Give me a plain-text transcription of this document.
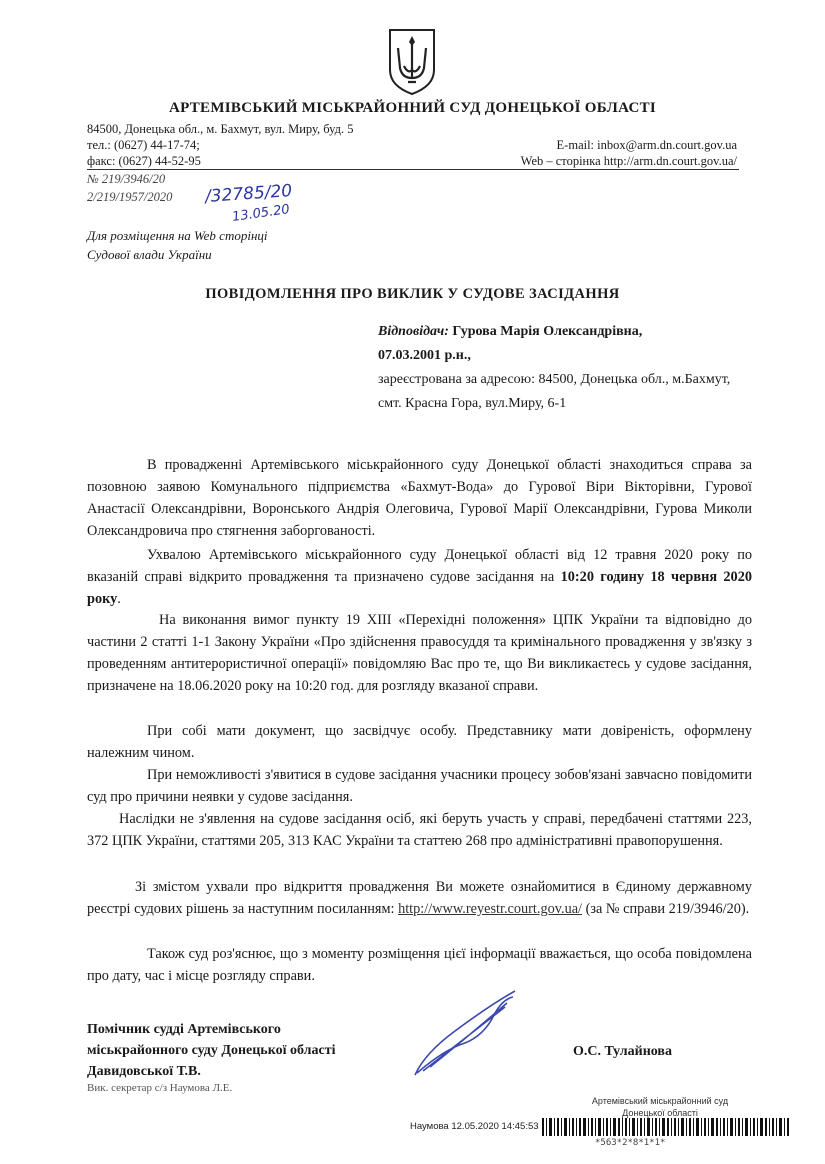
АРТЕМІВСЬКИЙ МІСЬКРАЙОННИЙ СУД ДОНЕЦЬКОЇ ОБЛАСТІ
84500, Донецька обл., м. Бахмут, вул. Миру, буд. 5
тел.: (0627) 44-17-74;
факс: (0627) 44-52-95
E-mail: inbox@arm.dn.court.gov.ua
Web – сторінка http://arm.dn.court.gov.ua/
№ 219/3946/20
2/219/1957/2020 /32785/20
13.05.20
Для розміщення на Web сторінці
Судової влади України
ПОВІДОМЛЕННЯ ПРО ВИКЛИК У СУДОВЕ ЗАСІДАННЯ
Відповідач: Гурова Марія Олександрівна,
07.03.2001 р.н.,
зареєстрована за адресою: 84500, Донецька обл., м.Бахмут, смт. Красна Гора, вул.Миру, 6-1
В провадженні Артемівського міськрайонного суду Донецької області знаходиться справа за позовною заявою Комунального підприємства «Бахмут-Вода» до Гурової Віри Вікторівни, Гурової Анастасії Олександрівни, Воронського Андрія Олеговича, Гурової Марії Олександрівни, Гурова Миколи Олександровича про стягнення заборгованості.
Ухвалою Артемівського міськрайонного суду Донецької області від 12 травня 2020 року по вказаній справі відкрито провадження та призначено судове засідання на 10:20 годину 18 червня 2020 року.
На виконання вимог пункту 19 XIII «Перехідні положення» ЦПК України та відповідно до частини 2 статті 1-1 Закону України «Про здійснення правосуддя та кримінального провадження у зв'язку з проведенням антитерористичної операції» повідомляю Вас про те, що Ви викликаєтесь у судове засідання, призначене на 18.06.2020 року на 10:20 год. для розгляду вказаної справи.
При собі мати документ, що засвідчує особу. Представнику мати довіреність, оформлену належним чином.
При неможливості з'явитися в судове засідання учасники процесу зобов'язані завчасно повідомити суд про причини неявки у судове засідання.
Наслідки не з'явлення на судове засідання осіб, які беруть участь у справі, передбачені статтями 223, 372 ЦПК України, статтями 205, 313 КАС України та статтею 268 про адміністративні правопорушення.
Зі змістом ухвали про відкриття провадження Ви можете ознайомитися в Єдиному державному реєстрі судових рішень за наступним посиланням: http://www.reyestr.court.gov.ua/ (за № справи 219/3946/20).
Також суд роз'яснює, що з моменту розміщення цієї інформації вважається, що особа повідомлена про дату, час і місце розгляду справи.
Помічник судді Артемівського
міськрайонного суду Донецької області
Давидовської Т.В.
Вик. секретар с/з Наумова Л.Е.
О.С. Тулайнова
Артемівський міськрайонний суд
Донецької області
Наумова 12.05.2020 14:45:53
*563*2*8*1*1*
